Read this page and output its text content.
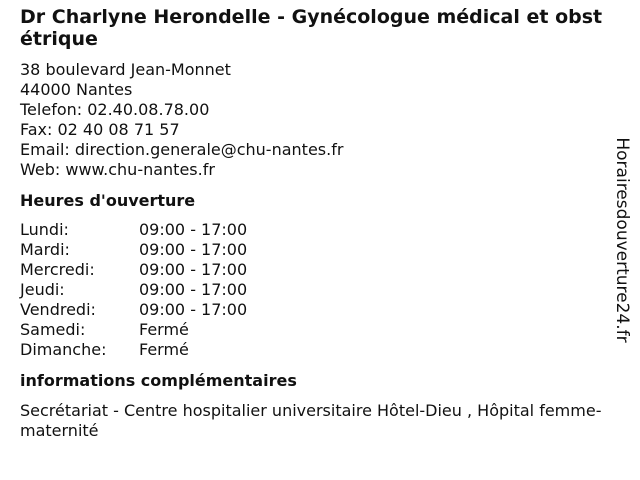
Dr Charlyne Herondelle - Gynécologue médical et obstétrique
38 boulevard Jean-Monnet
44000 Nantes
Telefon: 02.40.08.78.00
Fax: 02 40 08 71 57
Email: direction.generale@chu-nantes.fr
Web: www.chu-nantes.fr
Heures d'ouverture
Lundi:	09:00 - 17:00
Mardi:	09:00 - 17:00
Mercredi:	09:00 - 17:00
Jeudi:	09:00 - 17:00
Vendredi:	09:00 - 17:00
Samedi:	Fermé
Dimanche:	Fermé
informations complémentaires
Secrétariat - Centre hospitalier universitaire Hôtel-Dieu , Hôpital femme-maternité
Horairesdouverture24.fr
